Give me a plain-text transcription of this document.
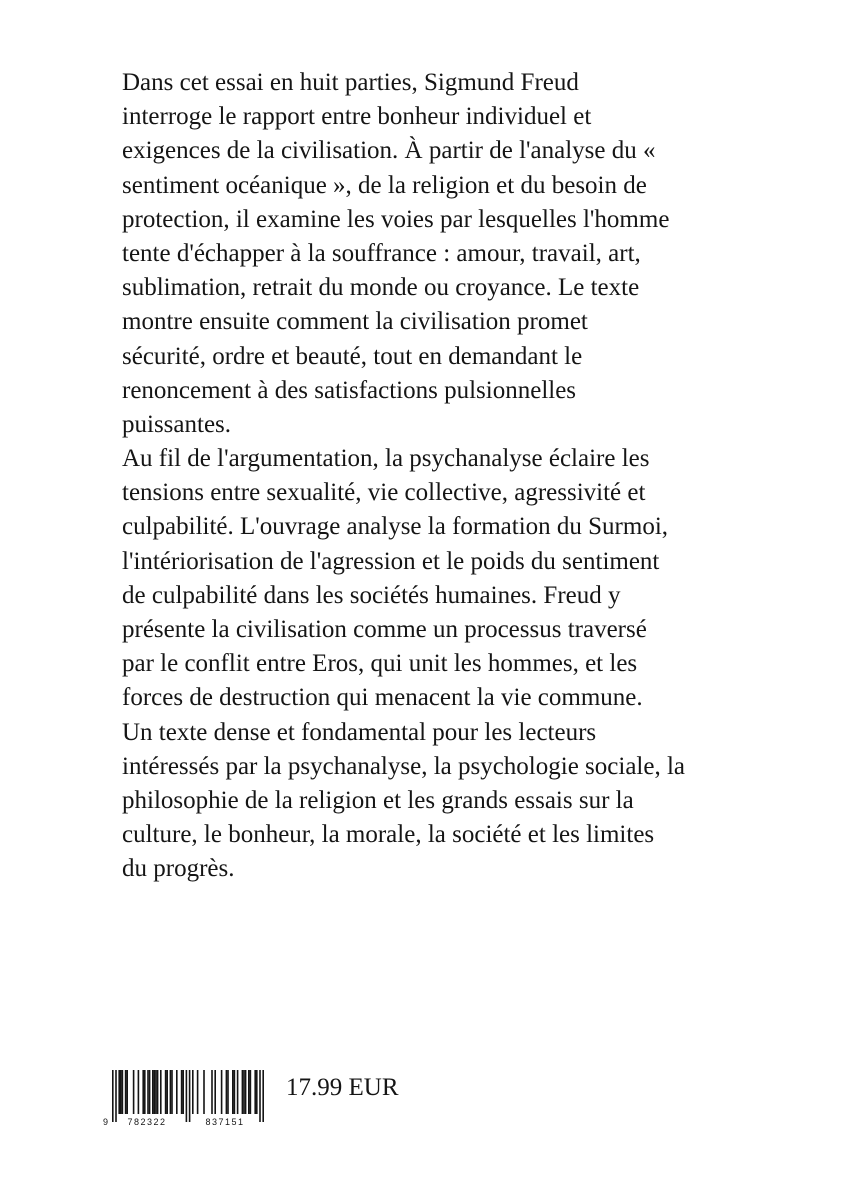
Dans cet essai en huit parties, Sigmund Freud
interroge le rapport entre bonheur individuel et
exigences de la civilisation. À partir de l'analyse du «
sentiment océanique », de la religion et du besoin de
protection, il examine les voies par lesquelles l'homme
tente d'échapper à la souffrance : amour, travail, art,
sublimation, retrait du monde ou croyance. Le texte
montre ensuite comment la civilisation promet
sécurité, ordre et beauté, tout en demandant le
renoncement à des satisfactions pulsionnelles
puissantes.
Au fil de l'argumentation, la psychanalyse éclaire les
tensions entre sexualité, vie collective, agressivité et
culpabilité. L'ouvrage analyse la formation du Surmoi,
l'intériorisation de l'agression et le poids du sentiment
de culpabilité dans les sociétés humaines. Freud y
présente la civilisation comme un processus traversé
par le conflit entre Eros, qui unit les hommes, et les
forces de destruction qui menacent la vie commune.
Un texte dense et fondamental pour les lecteurs
intéressés par la psychanalyse, la psychologie sociale, la
philosophie de la religion et les grands essais sur la
culture, le bonheur, la morale, la société et les limites
du progrès.
9 782322	837151
17.99 EUR
